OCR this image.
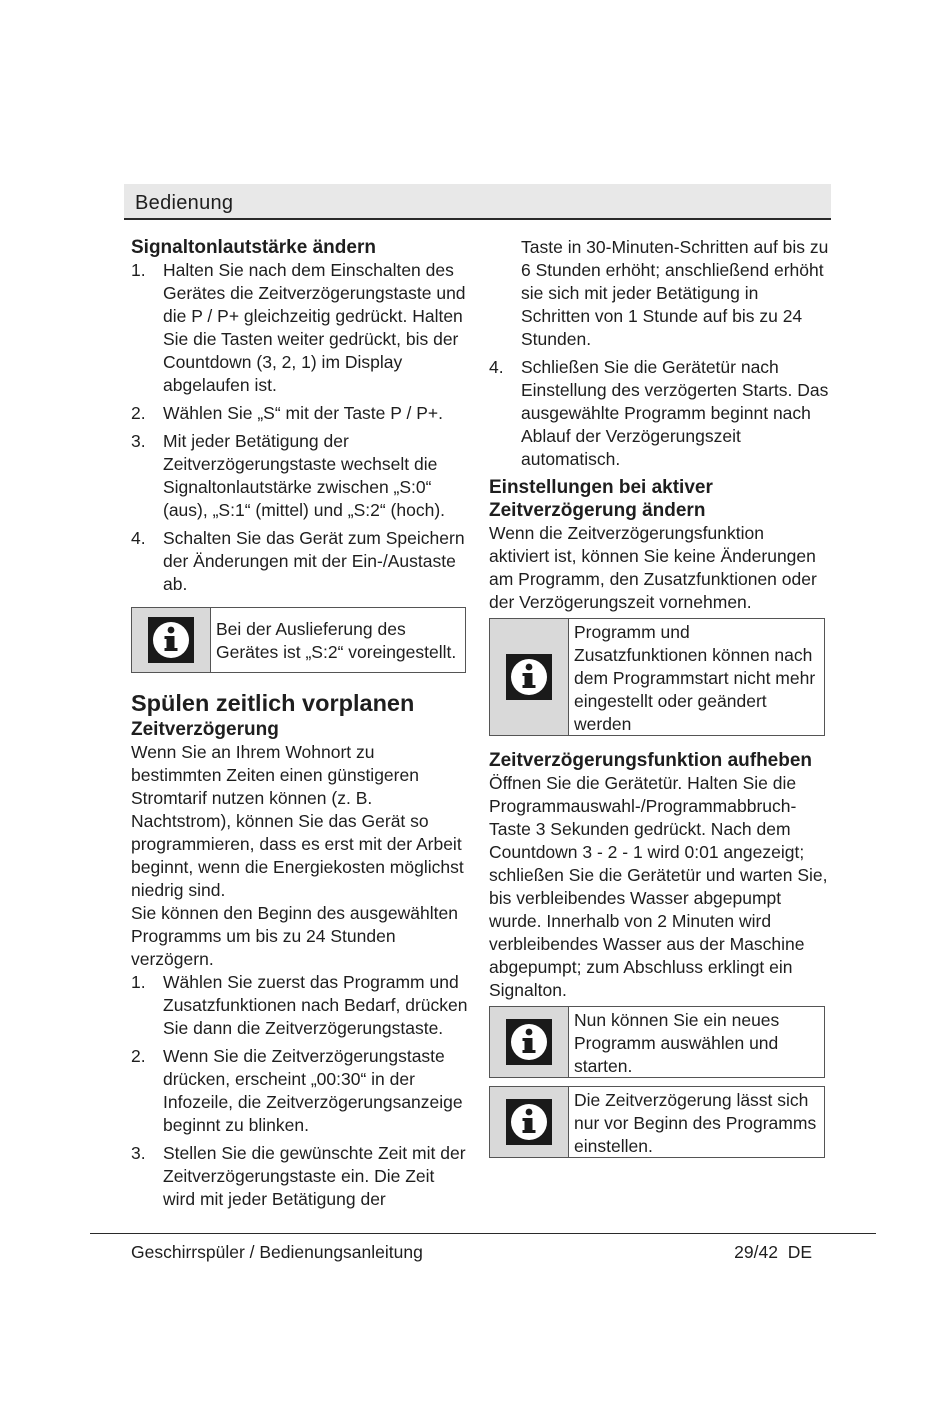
Bedienung
Signaltonlautstärke ändern
1. Halten Sie nach dem Einschalten des Gerätes die Zeitverzögerungstaste und die P / P+ gleichzeitig gedrückt. Halten Sie die Tasten weiter gedrückt, bis der Countdown (3, 2, 1) im Display abgelaufen ist.
2. Wählen Sie „S“ mit der Taste P / P+.
3. Mit jeder Betätigung der Zeitverzögerungstaste wechselt die Signaltonlautstärke zwischen „S:0“ (aus), „S:1“ (mittel) und „S:2“ (hoch).
4. Schalten Sie das Gerät zum Speichern der Änderungen mit der Ein-/Austaste ab.
Bei der Auslieferung des Gerätes ist „S:2“ voreingestellt.
Spülen zeitlich vorplanen
Zeitverzögerung

Wenn Sie an Ihrem Wohnort zu bestimmten Zeiten einen günstigeren Stromtarif nutzen können (z. B. Nachtstrom), können Sie das Gerät so programmieren, dass es erst mit der Arbeit beginnt, wenn die Energiekosten möglichst niedrig sind.

Sie können den Beginn des ausgewählten Programms um bis zu 24 Stunden verzögern.

1. Wählen Sie zuerst das Programm und Zusatzfunktionen nach Bedarf, drücken Sie dann die Zeitverzögerungstaste.
2. Wenn Sie die Zeitverzögerungstaste drücken, erscheint „00:30“ in der Infozeile, die Zeitverzögerungsanzeige beginnt zu blinken.
3. Stellen Sie die gewünschte Zeit mit der Zeitverzögerungstaste ein. Die Zeit wird mit jeder Betätigung der
Taste in 30-Minuten-Schritten auf bis zu 6 Stunden erhöht; anschließend erhöht sie sich mit jeder Betätigung in Schritten von 1 Stunde auf bis zu 24 Stunden.
4. Schließen Sie die Gerätetür nach Einstellung des verzögerten Starts. Das ausgewählte Programm beginnt nach Ablauf der Verzögerungszeit automatisch.
Einstellungen bei aktiver Zeitverzögerung ändern

Wenn die Zeitverzögerungsfunktion aktiviert ist, können Sie keine Änderungen am Programm, den Zusatzfunktionen oder der Verzögerungszeit vornehmen.

Programm und Zusatzfunktionen können nach dem Programmstart nicht mehr eingestellt oder geändert werden
Zeitverzögerungsfunktion aufheben

Öffnen Sie die Gerätetür. Halten Sie die Programmauswahl-/Programmabbruch-Taste 3 Sekunden gedrückt. Nach dem Countdown 3 - 2 - 1 wird 0:01 angezeigt; schließen Sie die Gerätetür und warten Sie, bis verbleibendes Wasser abgepumpt wurde. Innerhalb von 2 Minuten wird verbleibendes Wasser aus der Maschine abgepumpt; zum Abschluss erklingt ein Signalton.

Nun können Sie ein neues Programm auswählen und starten.
Die Zeitverzögerung lässt sich nur vor Beginn des Programms einstellen.
Geschirrspüler / Bedienungsanleitung	29/42 DE
